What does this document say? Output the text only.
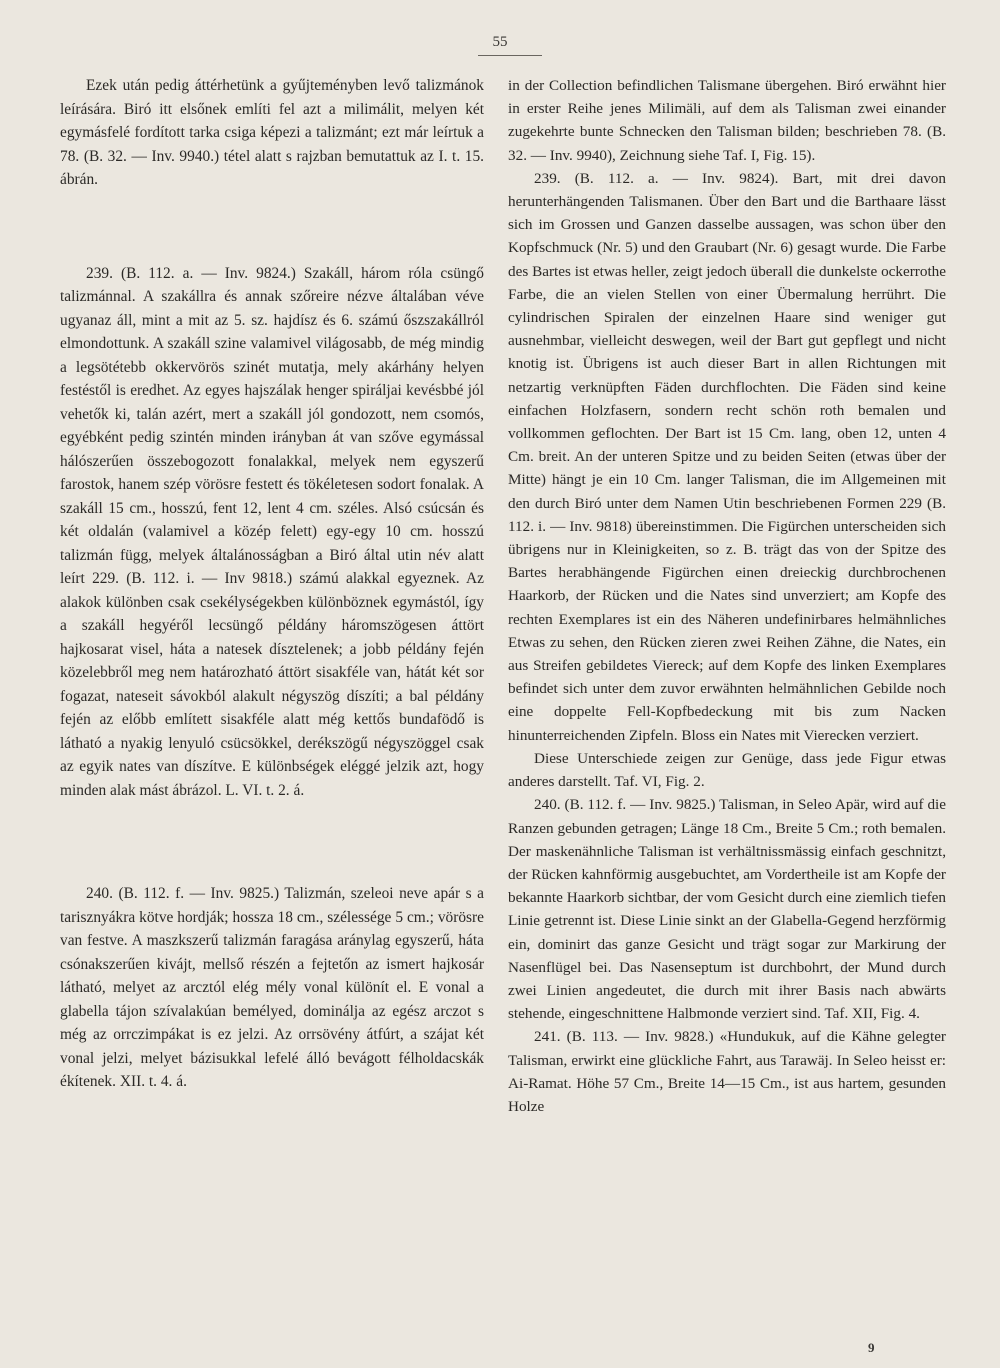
55

Ezek után pedig áttérhetünk a gyűjteményben levő talizmánok leírására. Biró itt elsőnek említi fel azt a milimálit, melyen két egymásfelé fordított tarka csiga képezi a talizmánt; ezt már leírtuk a 78. (B. 32. — Inv. 9940.) tétel alatt s rajzban bemutattuk az I. t. 15. ábrán.

239. (B. 112. a. — Inv. 9824.) Szakáll, három róla csüngő talizmánnal. A szakállra és annak szőreire nézve általában véve ugyanaz áll, mint a mit az 5. sz. hajdísz és 6. számú őszszakállról elmondottunk. A szakáll szine valamivel világosabb, de még mindig a legsötétebb okkervörös szinét mutatja, mely akárhány helyen festéstől is eredhet. Az egyes hajszálak henger spiráljai kevésbbé jól vehetők ki, talán azért, mert a szakáll jól gondozott, nem csomós, egyébként pedig szintén minden irányban át van szőve egymással hálószerűen összebogozott fonalakkal, melyek nem egyszerű farostok, hanem szép vörösre festett és tökéletesen sodort fonalak. A szakáll 15 cm., hosszú, fent 12, lent 4 cm. széles. Alsó csúcsán és két oldalán (valamivel a közép felett) egy-egy 10 cm. hosszú talizmán függ, melyek általánosságban a Biró által utin név alatt leírt 229. (B. 112. i. — Inv 9818.) számú alakkal egyeznek. Az alakok különben csak csekélységekben különböznek egymástól, így a szakáll hegyéről lecsüngő példány háromszögesen áttört hajkosarat visel, háta a natesek dísztelenek; a jobb példány fején közelebbről meg nem határozható áttört sisakféle van, hátát két sor fogazat, nateseit sávokból alakult négyszög díszíti; a bal példány fején az előbb említett sisakféle alatt még kettős bundafödő is látható a nyakig lenyuló csücsökkel, derékszögű négyszöggel csak az egyik nates van díszítve. E különbségek eléggé jelzik azt, hogy minden alak mást ábrázol. L. VI. t. 2. á.

240. (B. 112. f. — Inv. 9825.) Talizmán, szeleoi neve apár s a tarisznyákra kötve hordják; hossza 18 cm., szélessége 5 cm.; vörösre van festve. A maszkszerű talizmán faragása aránylag egyszerű, háta csónakszerűen kivájt, mellső részén a fejtetőn az ismert hajkosár látható, melyet az arcztól elég mély vonal különít el. E vonal a glabella tájon szívalakúan bemélyed, dominálja az egész arczot s még az orrczimpákat is ez jelzi. Az orrsövény átfúrt, a szájat két vonal jelzi, melyet bázisukkal lefelé álló bevágott félholdacskák ékítenek. XII. t. 4. á.

in der Collection befindlichen Talismane übergehen. Biró erwähnt hier in erster Reihe jenes Milimäli, auf dem als Talisman zwei einander zugekehrte bunte Schnecken den Talisman bilden; beschrieben 78. (B. 32. — Inv. 9940), Zeichnung siehe Taf. I, Fig. 15).

239. (B. 112. a. — Inv. 9824). Bart, mit drei davon herunterhängenden Talismanen. Über den Bart und die Barthaare lässt sich im Grossen und Ganzen dasselbe aussagen, was schon über den Kopfschmuck (Nr. 5) und den Graubart (Nr. 6) gesagt wurde. Die Farbe des Bartes ist etwas heller, zeigt jedoch überall die dunkelste ockerrothe Farbe, die an vielen Stellen von einer Übermalung herrührt. Die cylindrischen Spiralen der einzelnen Haare sind weniger gut ausnehmbar, vielleicht deswegen, weil der Bart gut gepflegt und nicht knotig ist. Übrigens ist auch dieser Bart in allen Richtungen mit netzartig verknüpften Fäden durchflochten. Die Fäden sind keine einfachen Holzfasern, sondern recht schön roth bemalen und vollkommen geflochten. Der Bart ist 15 Cm. lang, oben 12, unten 4 Cm. breit. An der unteren Spitze und zu beiden Seiten (etwas über der Mitte) hängt je ein 10 Cm. langer Talisman, die im Allgemeinen mit den durch Biró unter dem Namen Utin beschriebenen Formen 229 (B. 112. i. — Inv. 9818) übereinstimmen. Die Figürchen unterscheiden sich übrigens nur in Kleinigkeiten, so z. B. trägt das von der Spitze des Bartes herabhängende Figürchen einen dreieckig durchbrochenen Haarkorb, der Rücken und die Nates sind unverziert; am Kopfe des rechten Exemplares ist ein des Näheren undefinirbares helmähnliches Etwas zu sehen, den Rücken zieren zwei Reihen Zähne, die Nates, ein aus Streifen gebildetes Viereck; auf dem Kopfe des linken Exemplares befindet sich unter dem zuvor erwähnten helmähnlichen Gebilde noch eine doppelte Fell-Kopfbedeckung mit bis zum Nacken hinunterreichenden Zipfeln. Bloss ein Nates mit Vierecken verziert.

Diese Unterschiede zeigen zur Genüge, dass jede Figur etwas anderes darstellt. Taf. VI, Fig. 2.

240. (B. 112. f. — Inv. 9825.) Talisman, in Seleo Apär, wird auf die Ranzen gebunden getragen; Länge 18 Cm., Breite 5 Cm.; roth bemalen. Der maskenähnliche Talisman ist verhältnissmässig einfach geschnitzt, der Rücken kahnförmig ausgebuchtet, am Vordertheile ist am Kopfe der bekannte Haarkorb sichtbar, der vom Gesicht durch eine ziemlich tiefen Linie getrennt ist. Diese Linie sinkt an der Glabella-Gegend herzförmig ein, dominirt das ganze Gesicht und trägt sogar zur Markirung der Nasenflügel bei. Das Nasenseptum ist durchbohrt, der Mund durch zwei Linien angedeutet, die durch mit ihrer Basis nach abwärts stehende, eingeschnittene Halbmonde verziert sind. Taf. XII, Fig. 4.

241. (B. 113. — Inv. 9828.) «Hundukuk, auf die Kähne gelegter Talisman, erwirkt eine glückliche Fahrt, aus Tarawäj. In Seleo heisst er: Ai-Ramat. Höhe 57 Cm., Breite 14—15 Cm., ist aus hartem, gesunden Holze

9
